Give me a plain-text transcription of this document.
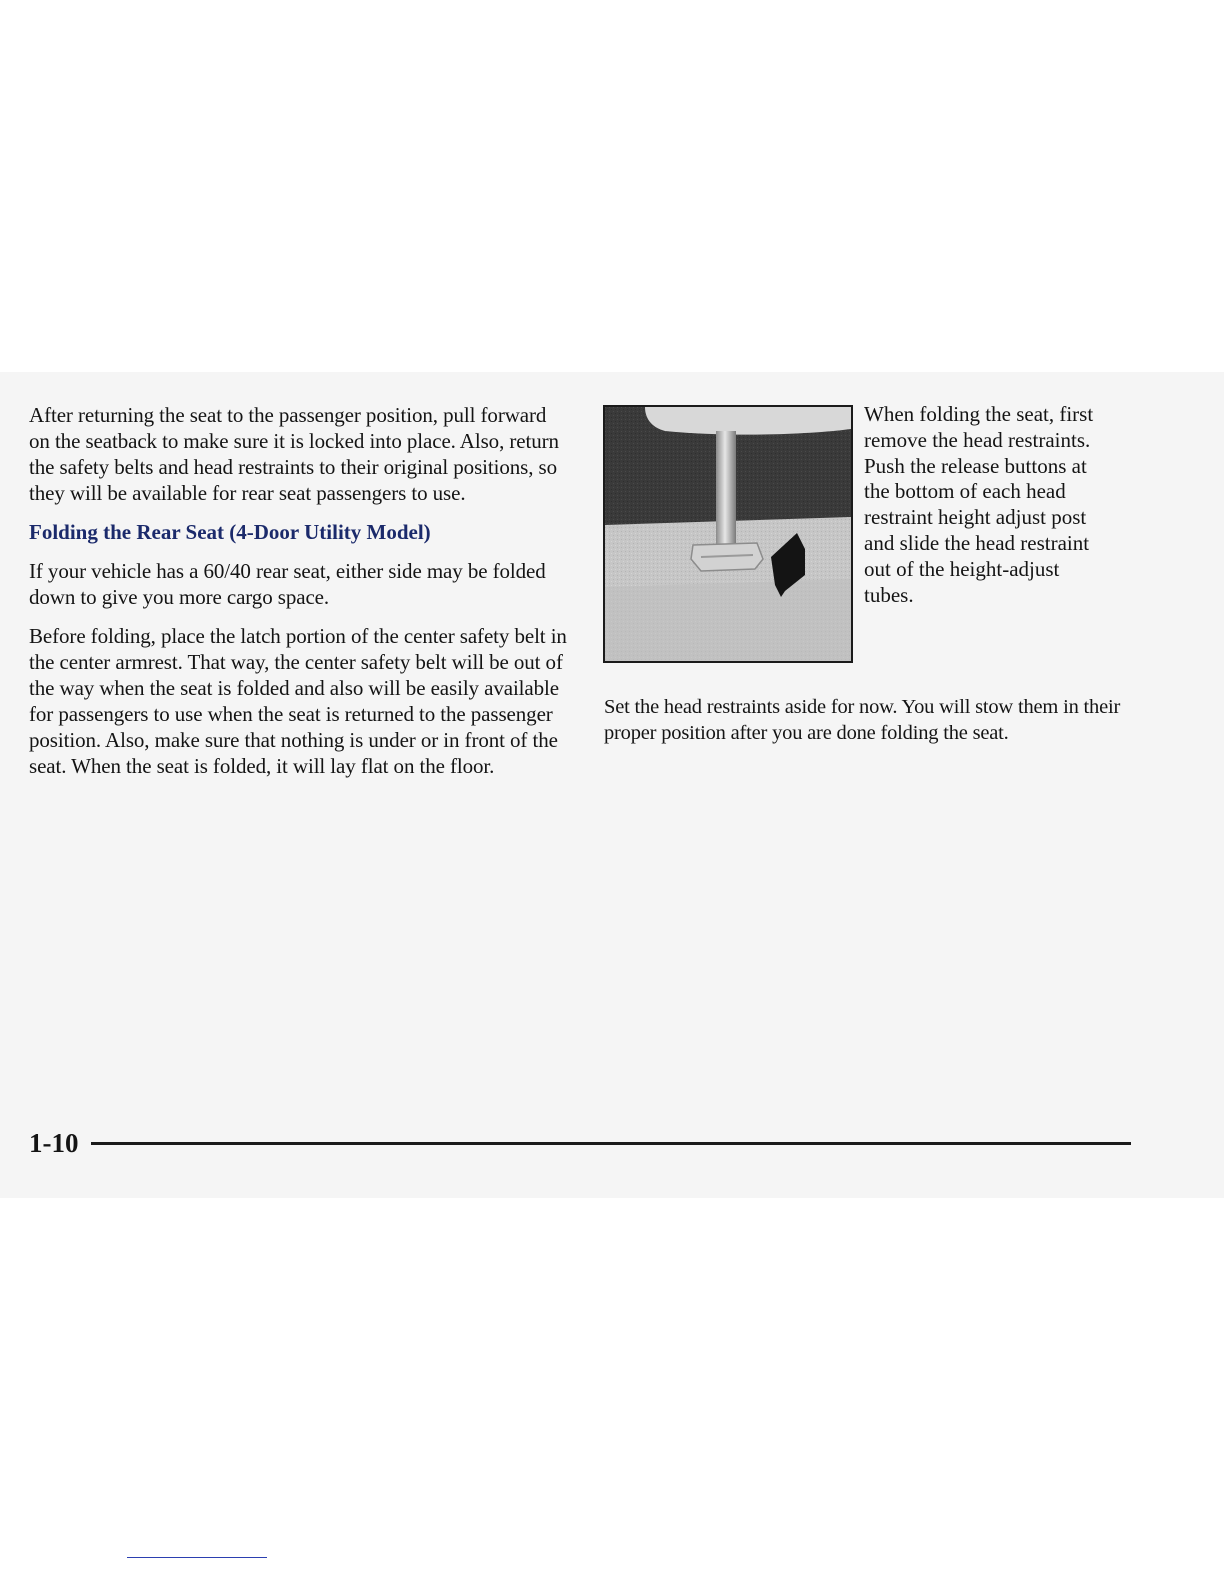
After returning the seat to the passenger position, pull forward on the seatback to make sure it is locked into place. Also, return the safety belts and head restraints to their original positions, so they will be available for rear seat passengers to use.

Folding the Rear Seat (4-Door Utility Model)

If your vehicle has a 60/40 rear seat, either side may be folded down to give you more cargo space.

Before folding, place the latch portion of the center safety belt in the center armrest. That way, the center safety belt will be out of the way when the seat is folded and also will be easily available for passengers to use when the seat is returned to the passenger position. Also, make sure that nothing is under or in front of the seat. When the seat is folded, it will lay flat on the floor.

When folding the seat, first remove the head restraints. Push the release buttons at the bottom of each head restraint height adjust post and slide the head restraint out of the height-adjust tubes.

Set the head restraints aside for now. You will stow them in their proper position after you are done folding the seat.

1-10
